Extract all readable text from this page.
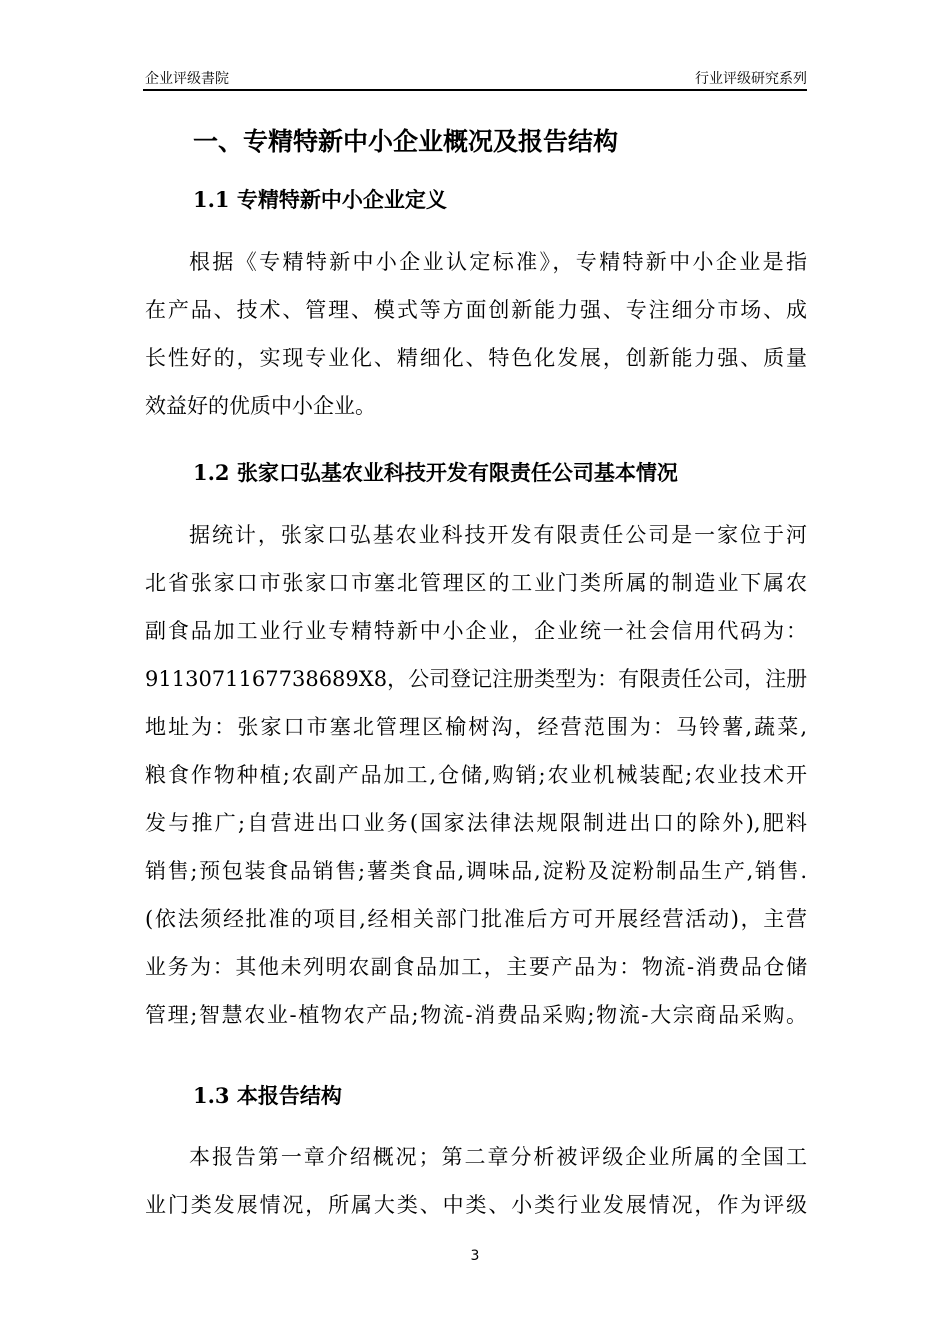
企业评级書院	行业评级研究系列
一、专精特新中小企业概况及报告结构
1.1 专精特新中小企业定义
根据《专精特新中小企业认定标准》，专精特新中小企业是指
在产品、技术、管理、模式等方面创新能力强、专注细分市场、成
长性好的，实现专业化、精细化、特色化发展，创新能力强、质量
效益好的优质中小企业。
1.2 张家口弘基农业科技开发有限责任公司基本情况
据统计，张家口弘基农业科技开发有限责任公司是一家位于河
北省张家口市张家口市塞北管理区的工业门类所属的制造业下属农
副食品加工业行业专精特新中小企业，企业统一社会信用代码为：
9113071167738689X8，公司登记注册类型为：有限责任公司，注册
地址为：张家口市塞北管理区榆树沟，经营范围为：马铃薯,蔬菜,
粮食作物种植;农副产品加工,仓储,购销;农业机械装配;农业技术开
发与推广;自营进出口业务(国家法律法规限制进出口的除外),肥料
销售;预包装食品销售;薯类食品,调味品,淀粉及淀粉制品生产,销售.
(依法须经批准的项目,经相关部门批准后方可开展经营活动)，主营
业务为：其他未列明农副食品加工，主要产品为：物流-消费品仓储
管理;智慧农业-植物农产品;物流-消费品采购;物流-大宗商品采购。
1.3 本报告结构
本报告第一章介绍概况；第二章分析被评级企业所属的全国工
业门类发展情况，所属大类、中类、小类行业发展情况，作为评级
3
